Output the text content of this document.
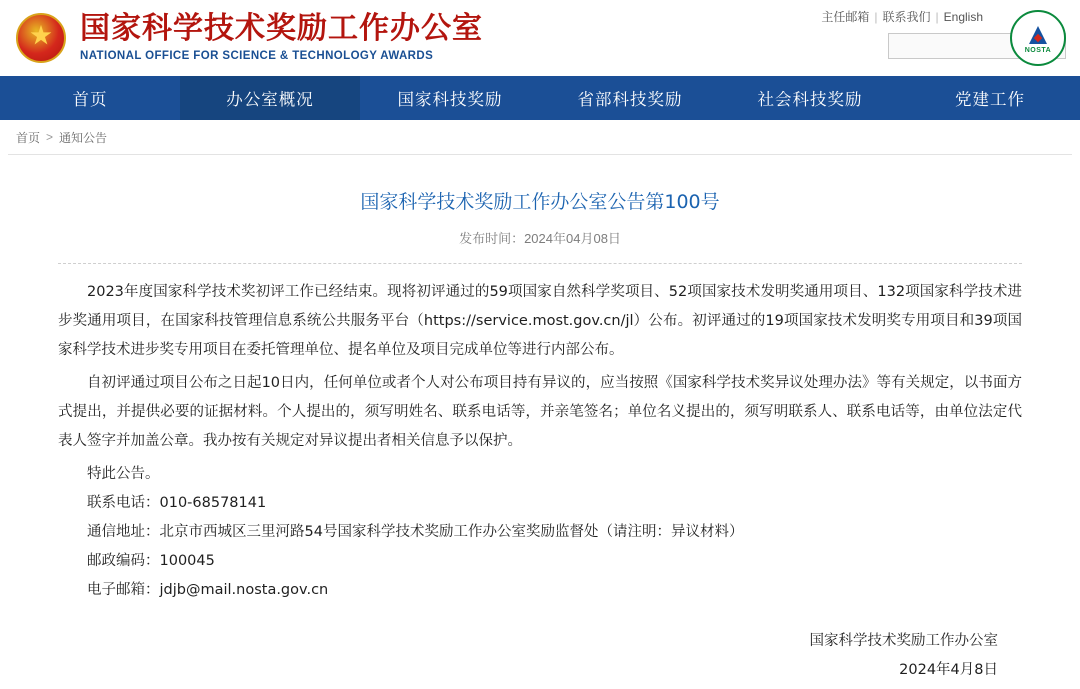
★ 国家科学技术奖励工作办公室
NATIONAL OFFICE FOR SCIENCE & TECHNOLOGY AWARDS
主任邮箱 | 联系我们 | English
NOSTA
首页	办公室概况	国家科技奖励	省部科技奖励	社会科技奖励	党建工作
首页 > 通知公告
国家科学技术奖励工作办公室公告第100号
发布时间：2024年04月08日

2023年度国家科学技术奖初评工作已经结束。现将初评通过的59项国家自然科学奖项目、52项国家技术发明奖通用项目、132项国家科学技术进步奖通用项目，在国家科技管理信息系统公共服务平台（https://service.most.gov.cn/jl）公布。初评通过的19项国家技术发明奖专用项目和39项国家科学技术进步奖专用项目在委托管理单位、提名单位及项目完成单位等进行内部公布。

自初评通过项目公布之日起10日内，任何单位或者个人对公布项目持有异议的，应当按照《国家科学技术奖异议处理办法》等有关规定，以书面方式提出，并提供必要的证据材料。个人提出的，须写明姓名、联系电话等，并亲笔签名；单位名义提出的，须写明联系人、联系电话等，由单位法定代表人签字并加盖公章。我办按有关规定对异议提出者相关信息予以保护。

特此公告。

联系电话：010-68578141

通信地址：北京市西城区三里河路54号国家科学技术奖励工作办公室奖励监督处（请注明：异议材料）

邮政编码：100045

电子邮箱：jdjb@mail.nosta.gov.cn

国家科学技术奖励工作办公室
2024年4月8日
